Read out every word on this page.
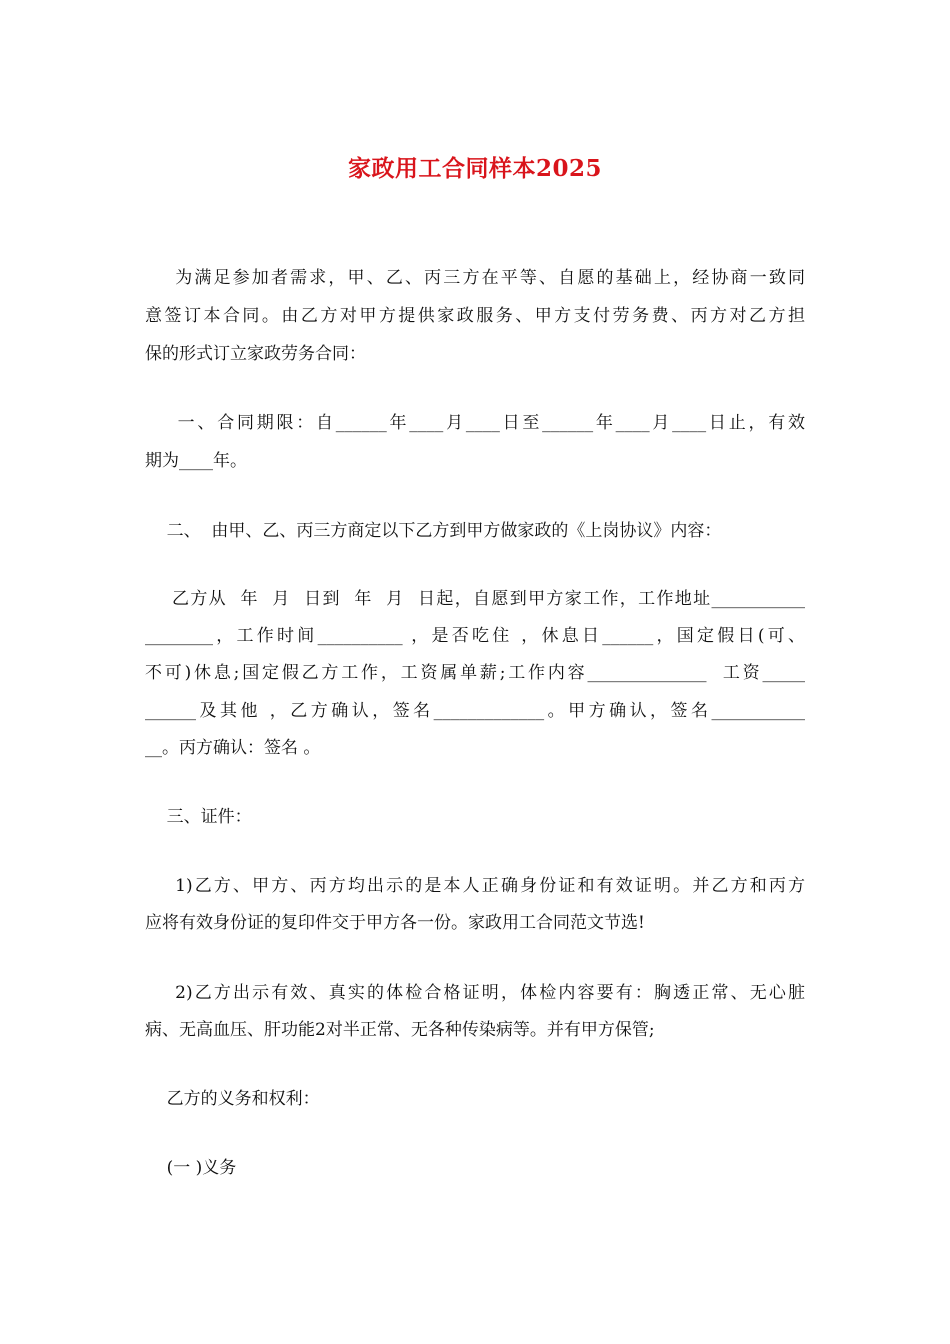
家政用工合同样本2025
为满足参加者需求，甲、乙、丙三方在平等、自愿的基础上，经协商一致同
意签订本合同。由乙方对甲方提供家政服务、甲方支付劳务费、丙方对乙方担
保的形式订立家政劳务合同：
一、合同期限：自______年____月____日至______年____月____日止，有效
期为____年。
二、  由甲、乙、丙三方商定以下乙方到甲方做家政的《上岗协议》内容：
乙方从  年  月  日到  年  月  日起，自愿到甲方家工作，工作地址___________
________，工作时间__________ ，是否吃住 ，休息日______，国定假日(可、
不可)休息;国定假乙方工作，工资属单薪;工作内容______________  工资_____
______及其他 ，乙方确认，签名_____________。甲方确认，签名___________
__。丙方确认：签名 。
三、证件：
1)乙方、甲方、丙方均出示的是本人正确身份证和有效证明。并乙方和丙方
应将有效身份证的复印件交于甲方各一份。家政用工合同范文节选!
2)乙方出示有效、真实的体检合格证明，体检内容要有：胸透正常、无心脏
病、无高血压、肝功能2对半正常、无各种传染病等。并有甲方保管;
乙方的义务和权利：
(一 )义务
